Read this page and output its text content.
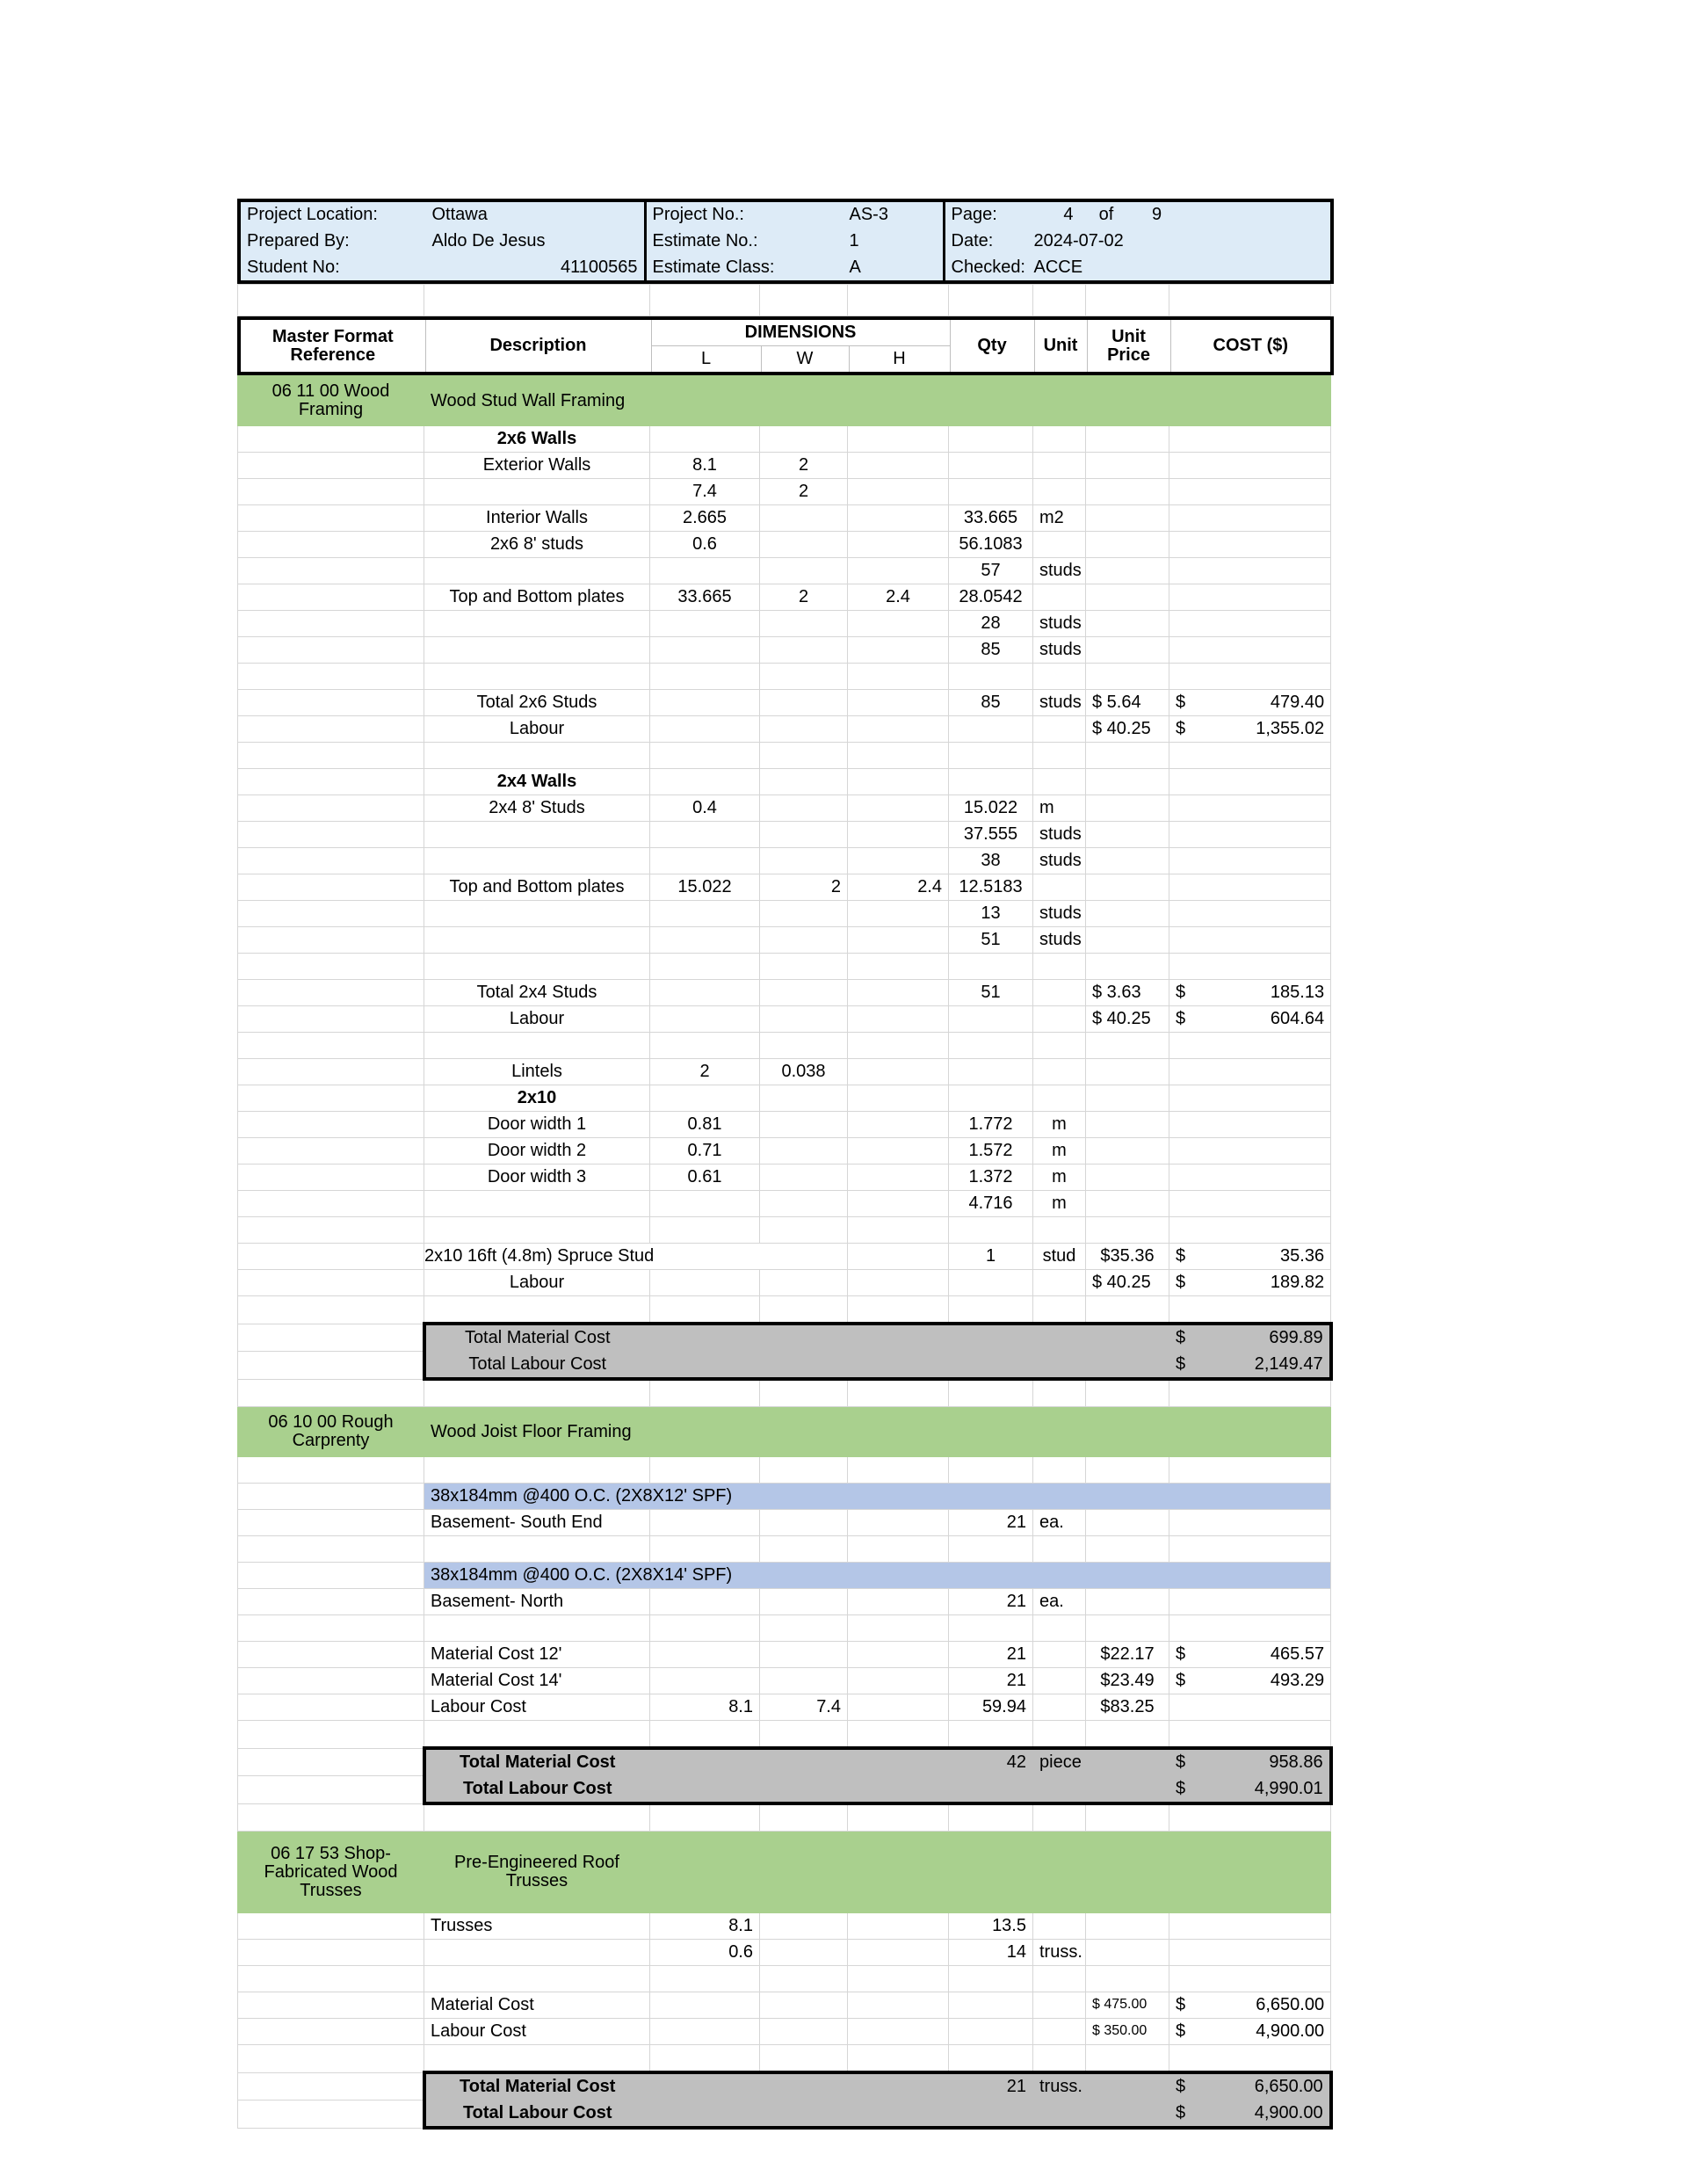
Project Location:	Ottawa	Project No.:	AS-3	Page:	4	of	9	
Prepared By:	Aldo De Jesus	Estimate No.:	1	Date:	2024-07-02			
Student No:	41100565	Estimate Class:	A	Checked:	ACCE			

Master Format Reference	Description	DIMENSIONS			Qty	Unit	Unit Price	COST ($)
		L	W	H				
06 11 00 Wood Framing	Wood Stud Wall Framing							
	2x6 Walls							
	Exterior Walls	8.1	2					
		7.4	2					
	Interior Walls	2.665			33.665	m2		
	2x6 8' studs	0.6			56.1083			
					57	studs		
	Top and Bottom plates	33.665	2	2.4	28.0542			
					28	studs		
					85	studs		

	Total 2x6 Studs				85	studs	$ 5.64	$ 479.40
	Labour						$ 40.25	$ 1,355.02

	2x4 Walls							
	2x4 8' Studs	0.4			15.022	m		
					37.555	studs		
					38	studs		
	Top and Bottom plates	15.022	2	2.4	12.5183			
					13	studs		
					51	studs		

	Total 2x4 Studs				51		$ 3.63	$ 185.13
	Labour						$ 40.25	$ 604.64

	Lintels	2	0.038					
	2x10							
	Door width 1	0.81			1.772	m		
	Door width 2	0.71			1.572	m		
	Door width 3	0.61			1.372	m		
					4.716	m		

	2x10 16ft (4.8m) Spruce Stud				1	stud	$35.36	$ 35.36
	Labour						$ 40.25	$ 189.82

	Total Material Cost							$ 699.89
	Total Labour Cost							$ 2,149.47

06 10 00 Rough Carprenty	Wood Joist Floor Framing							

	38x184mm @400 O.C. (2X8X12' SPF)							
	Basement- South End				21	ea.		

	38x184mm @400 O.C. (2X8X14' SPF)							
	Basement- North				21	ea.		

	Material Cost 12'				21		$22.17	$ 465.57
	Material Cost 14'				21		$23.49	$ 493.29
	Labour Cost	8.1	7.4		59.94		$83.25	

	Total Material Cost				42	piece		$ 958.86
	Total Labour Cost							$ 4,990.01

06 17 53 Shop-Fabricated Wood Trusses	Pre-Engineered Roof Trusses							
	Trusses	8.1			13.5			
		0.6			14	truss.		

	Material Cost						$ 475.00	$ 6,650.00
	Labour Cost						$ 350.00	$ 4,900.00

	Total Material Cost				21	truss.		$ 6,650.00
	Total Labour Cost							$ 4,900.00
